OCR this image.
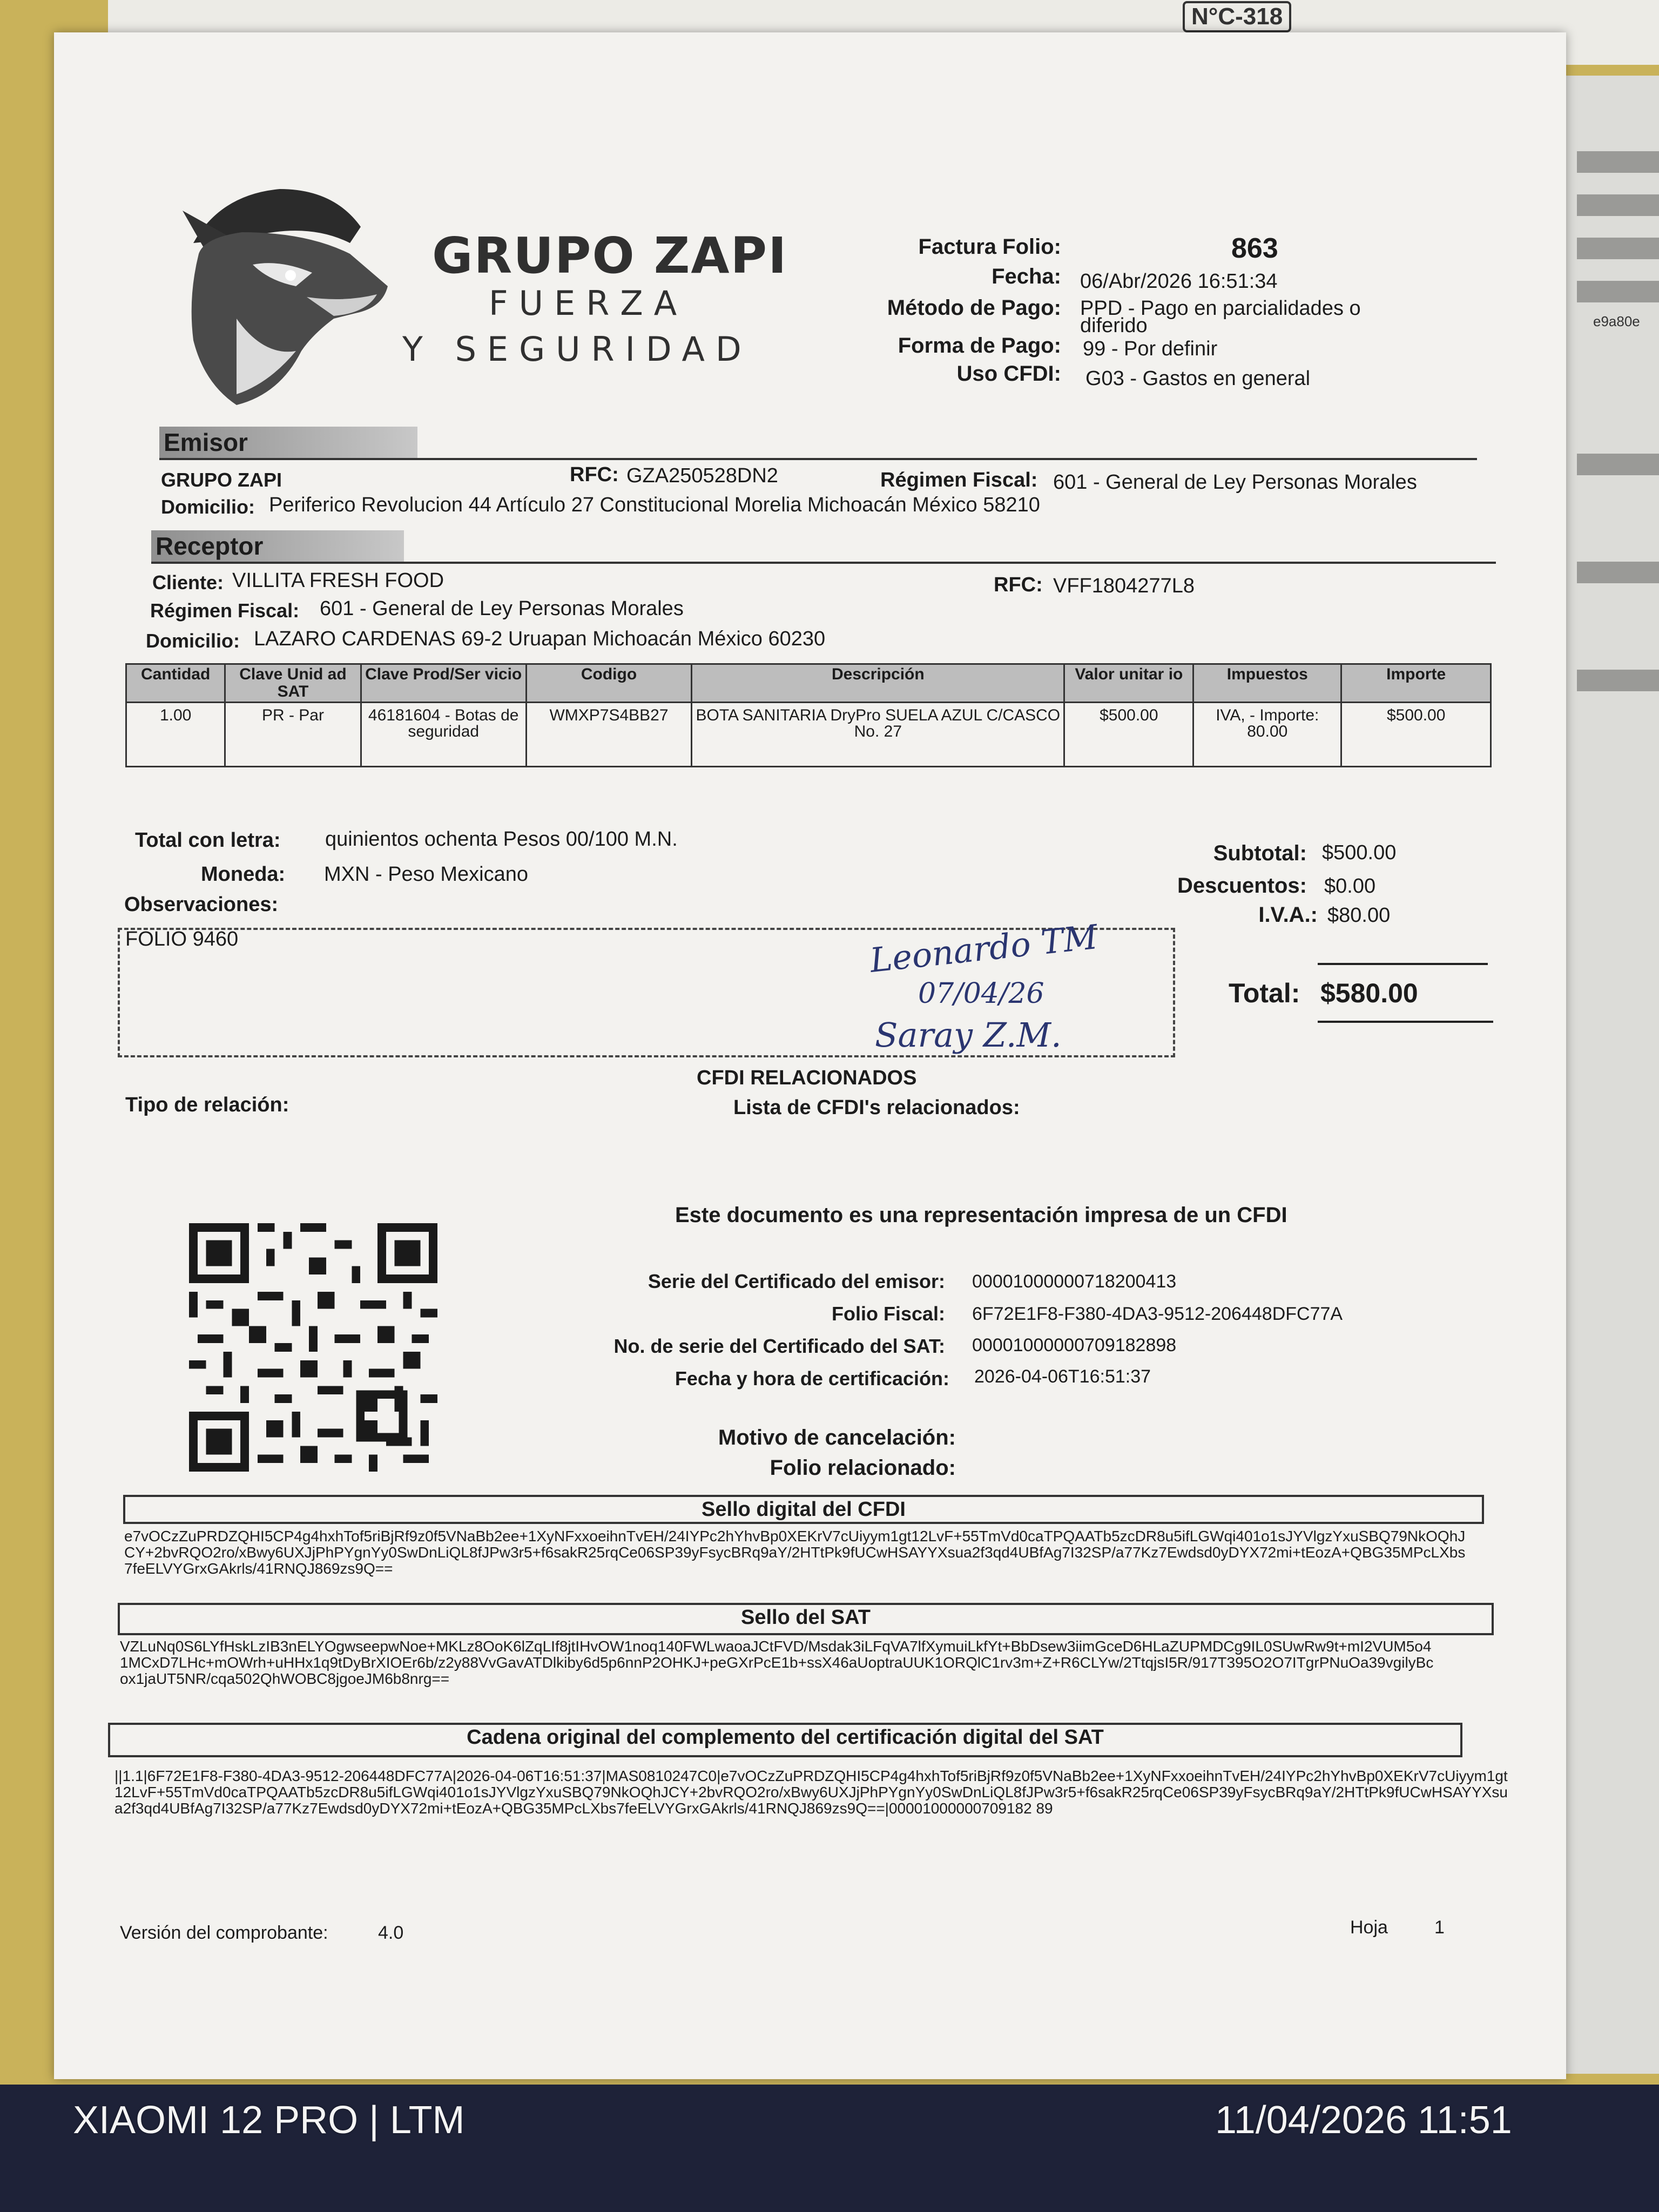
N°C-318
e9a80e
GRUPO ZAPI
FUERZA
Y SEGURIDAD
Factura Folio:	863
Fecha: 06/Abr/2026 16:51:34
Método de Pago: PPD - Pago en parcialidades o
diferido
Forma de Pago: 99 - Por definir
Uso CFDI: G03 - Gastos en general
Emisor
GRUPO ZAPI	RFC: GZA250528DN2	Régimen Fiscal: 601 - General de Ley Personas Morales
Domicilio: Periferico Revolucion 44 Artículo 27 Constitucional Morelia Michoacán México 58210
Receptor
Cliente: VILLITA FRESH FOOD	RFC: VFF1804277L8
Régimen Fiscal: 601 - General de Ley Personas Morales
Domicilio: LAZARO CARDENAS 69-2 Uruapan Michoacán México 60230
Cantidad	Clave Unid ad SAT	Clave Prod/Ser vicio	Codigo	Descripción	Valor unitar io	Impuestos	Importe
1.00	PR - Par	46181604 - Botas de seguridad	WMXP7S4BB27	BOTA SANITARIA DryPro SUELA AZUL C/CASCO No. 27	$500.00	IVA, - Importe: 80.00	$500.00
Total con letra: quinientos ochenta Pesos 00/100 M.N.
Moneda: MXN - Peso Mexicano
Observaciones:
FOLIO 9460
Subtotal: $500.00
Descuentos: $0.00
I.V.A.: $80.00
Total: $580.00
Leonardo TM
07/04/26
Saray Z.M.
CFDI RELACIONADOS
Tipo de relación:	Lista de CFDI's relacionados:
Este documento es una representación impresa de un CFDI
Serie del Certificado del emisor: 00001000000718200413
Folio Fiscal: 6F72E1F8-F380-4DA3-9512-206448DFC77A
No. de serie del Certificado del SAT: 00001000000709182898
Fecha y hora de certificación: 2026-04-06T16:51:37
Motivo de cancelación:
Folio relacionado:
Sello digital del CFDI
e7vOCzZuPRDZQHI5CP4g4hxhTof5riBjRf9z0f5VNaBb2ee+1XyNFxxoeihnTvEH/24IYPc2hYhvBp0XEKrV7cUiyym1gt12LvF+55TmVd0caTPQAATb5zcDR8u5ifLGWqi401o1sJYVlgzYxuSBQ79NkOQhJCY+2bvRQO2ro/xBwy6UXJjPhPYgnYy0SwDnLiQL8fJPw3r5+f6sakR25rqCe06SP39yFsycBRq9aY/2HTtPk9fUCwHSAYYXsua2f3qd4UBfAg7I32SP/a77Kz7Ewdsd0yDYX72mi+tEozA+QBG35MPcLXbs7feELVYGrxGAkrls/41RNQJ869zs9Q==
Sello del SAT
VZLuNq0S6LYfHskLzIB3nELYOgwseepwNoe+MKLz8OoK6lZqLIf8jtIHvOW1noq140FWLwaoaJCtFVD/Msdak3iLFqVA7lfXymuiLkfYt+BbDsew3iimGceD6HLaZUPMDCg9IL0SUwRw9t+mI2VUM5o41MCxD7LHc+mOWrh+uHHx1q9tDyBrXIOEr6b/z2y88VvGavATDlkiby6d5p6nnP2OHKJ+peGXrPcE1b+ssX46aUoptraUUK1ORQlC1rv3m+Z+R6CLYw/2TtqjsI5R/917T395O2O7ITgrPNuOa39vgilyBcox1jaUT5NR/cqa502QhWOBC8jgoeJM6b8nrg==
Cadena original del complemento del certificación digital del SAT
||1.1|6F72E1F8-F380-4DA3-9512-206448DFC77A|2026-04-06T16:51:37|MAS0810247C0|e7vOCzZuPRDZQHI5CP4g4hxhTof5riBjRf9z0f5VNaBb2ee+1XyNFxxoeihnTvEH/24IYPc2hYhvBp0XEKrV7cUiyym1gt12LvF+55TmVd0caTPQAATb5zcDR8u5ifLGWqi401o1sJYVlgzYxuSBQ79NkOQhJCY+2bvRQO2ro/xBwy6UXJjPhPYgnYy0SwDnLiQL8fJPw3r5+f6sakR25rqCe06SP39yFsycBRq9aY/2HTtPk9fUCwHSAYYXsua2f3qd4UBfAg7I32SP/a77Kz7Ewdsd0yDYX72mi+tEozA+QBG35MPcLXbs7feELVYGrxGAkrls/41RNQJ869zs9Q==|00001000000709182 89
Versión del comprobante:	4.0	Hoja	1
XIAOMI 12 PRO | LTM	11/04/2026 11:51
